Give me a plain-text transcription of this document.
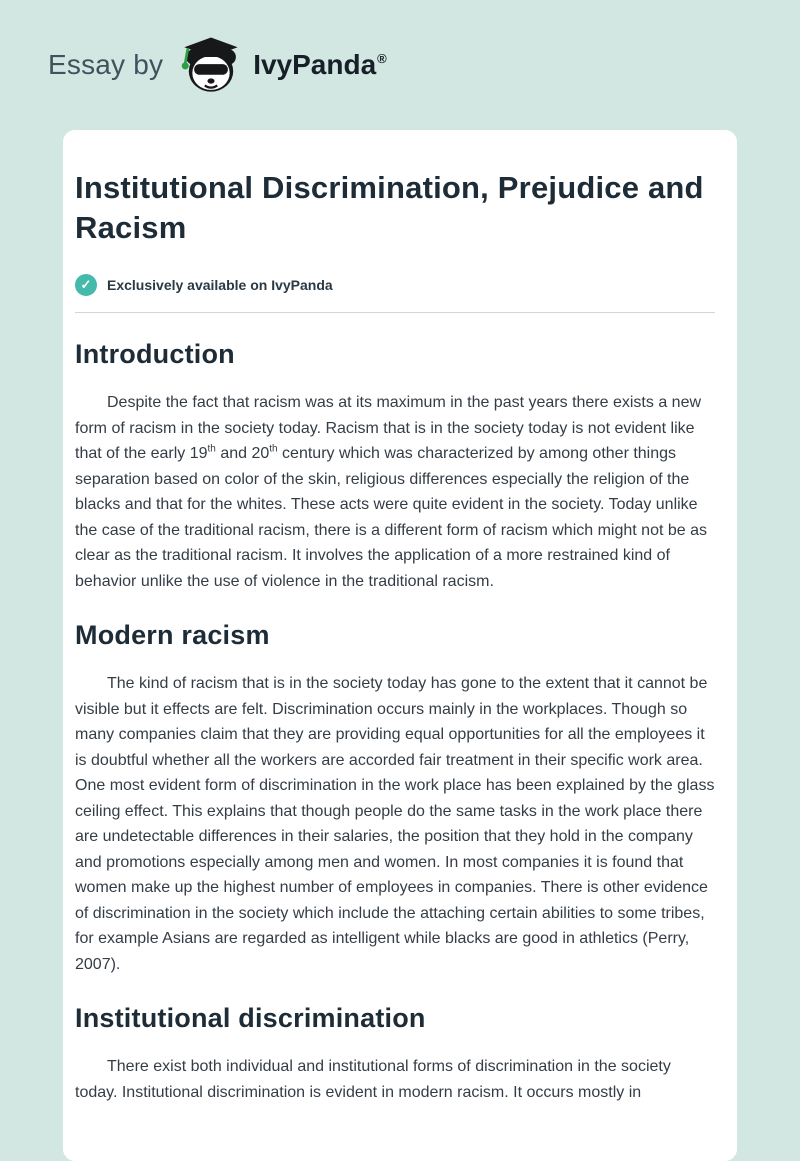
Essay by	IvyPanda®
Institutional Discrimination, Prejudice and Racism
✓	Exclusively available on IvyPanda
Introduction

Despite the fact that racism was at its maximum in the past years there exists a new form of racism in the society today. Racism that is in the society today is not evident like that of the early 19th and 20th century which was characterized by among other things separation based on color of the skin, religious differences especially the religion of the blacks and that for the whites. These acts were quite evident in the society. Today unlike the case of the traditional racism, there is a different form of racism which might not be as clear as the traditional racism. It involves the application of a more restrained kind of behavior unlike the use of violence in the traditional racism.

Modern racism

The kind of racism that is in the society today has gone to the extent that it cannot be visible but it effects are felt. Discrimination occurs mainly in the workplaces. Though so many companies claim that they are providing equal opportunities for all the employees it is doubtful whether all the workers are accorded fair treatment in their specific work area. One most evident form of discrimination in the work place has been explained by the glass ceiling effect. This explains that though people do the same tasks in the work place there are undetectable differences in their salaries, the position that they hold in the company and promotions especially among men and women. In most companies it is found that women make up the highest number of employees in companies. There is other evidence of discrimination in the society which include the attaching certain abilities to some tribes, for example Asians are regarded as intelligent while blacks are good in athletics (Perry, 2007).

Institutional discrimination

There exist both individual and institutional forms of discrimination in the society today. Institutional discrimination is evident in modern racism. It occurs mostly in
